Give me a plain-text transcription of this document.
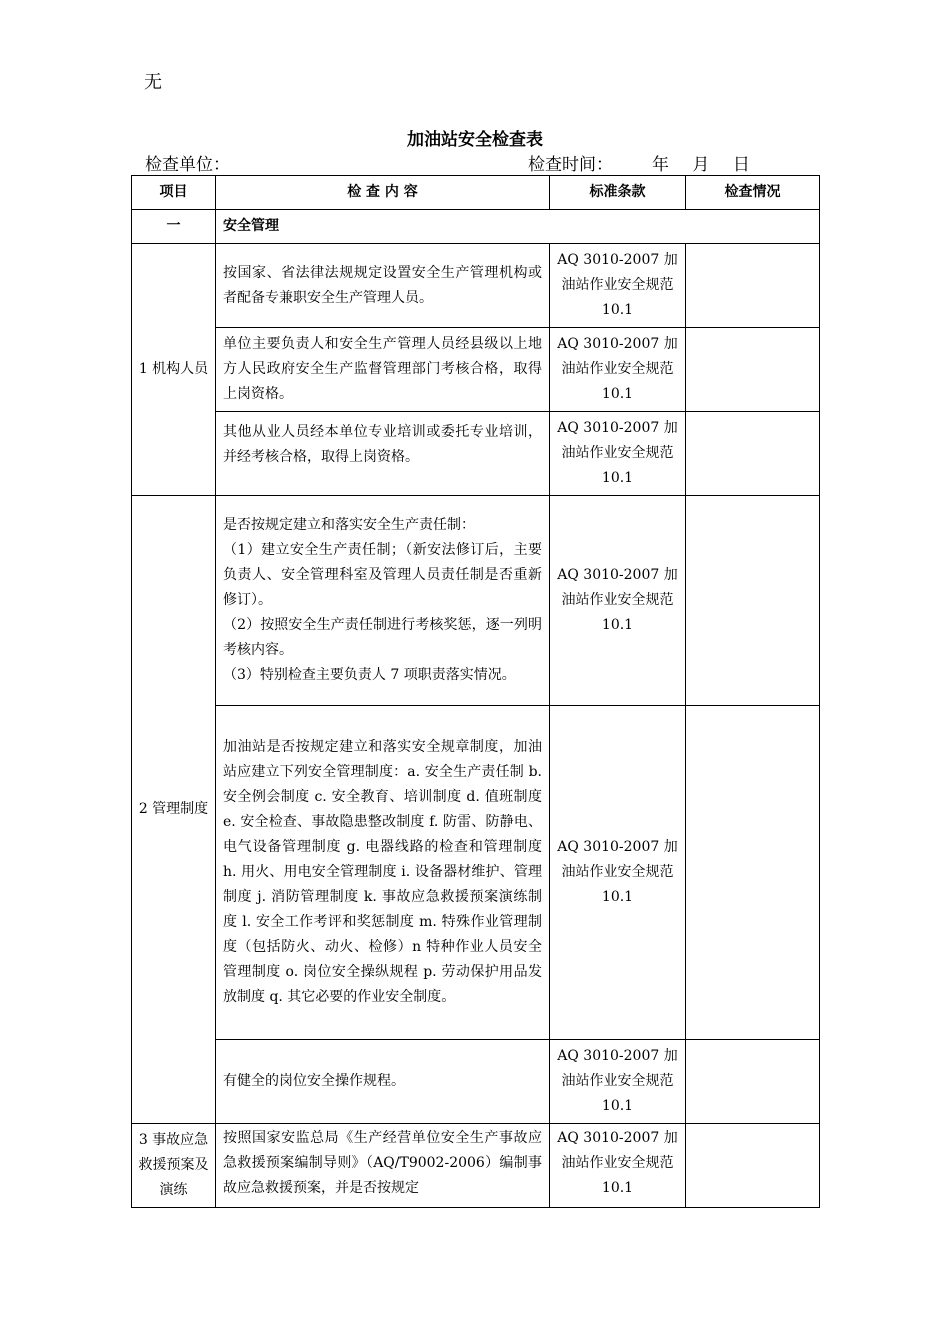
无
加油站安全检查表
检查单位：	检查时间： 年 月 日
项目	检 查 内 容	标准条款	检查情况
一	安全管理		
1 机构人员	按国家、省法律法规规定设置安全生产管理机构或者配备专兼职安全生产管理人员。	AQ 3010-2007 加油站作业安全规范 10.1	
	单位主要负责人和安全生产管理人员经县级以上地方人民政府安全生产监督管理部门考核合格，取得上岗资格。	AQ 3010-2007 加油站作业安全规范 10.1	
	其他从业人员经本单位专业培训或委托专业培训，并经考核合格，取得上岗资格。	AQ 3010-2007 加油站作业安全规范 10.1	
2 管理制度	是否按规定建立和落实安全生产责任制：
（1）建立安全生产责任制；（新安法修订后，主要负责人、安全管理科室及管理人员责任制是否重新修订）。
（2）按照安全生产责任制进行考核奖惩，逐一列明考核内容。
（3）特别检查主要负责人 7 项职责落实情况。	AQ 3010-2007 加油站作业安全规范 10.1	
	加油站是否按规定建立和落实安全规章制度，加油站应建立下列安全管理制度：a. 安全生产责任制 b. 安全例会制度 c. 安全教育、培训制度 d. 值班制度 e. 安全检查、事故隐患整改制度 f. 防雷、防静电、电气设备管理制度 g. 电器线路的检查和管理制度 h. 用火、用电安全管理制度 i. 设备器材维护、管理制度 j. 消防管理制度 k. 事故应急救援预案演练制度 l. 安全工作考评和奖惩制度 m. 特殊作业管理制度（包括防火、动火、检修）n 特种作业人员安全管理制度 o. 岗位安全操纵规程 p. 劳动保护用品发放制度 q. 其它必要的作业安全制度。	AQ 3010-2007 加油站作业安全规范 10.1	
	有健全的岗位安全操作规程。	AQ 3010-2007 加油站作业安全规范 10.1	
3 事故应急救援预案及演练	按照国家安监总局《生产经营单位安全生产事故应急救援预案编制导则》（AQ/T9002-2006）编制事故应急救援预案，并是否按规定	AQ 3010-2007 加油站作业安全规范 10.1	
